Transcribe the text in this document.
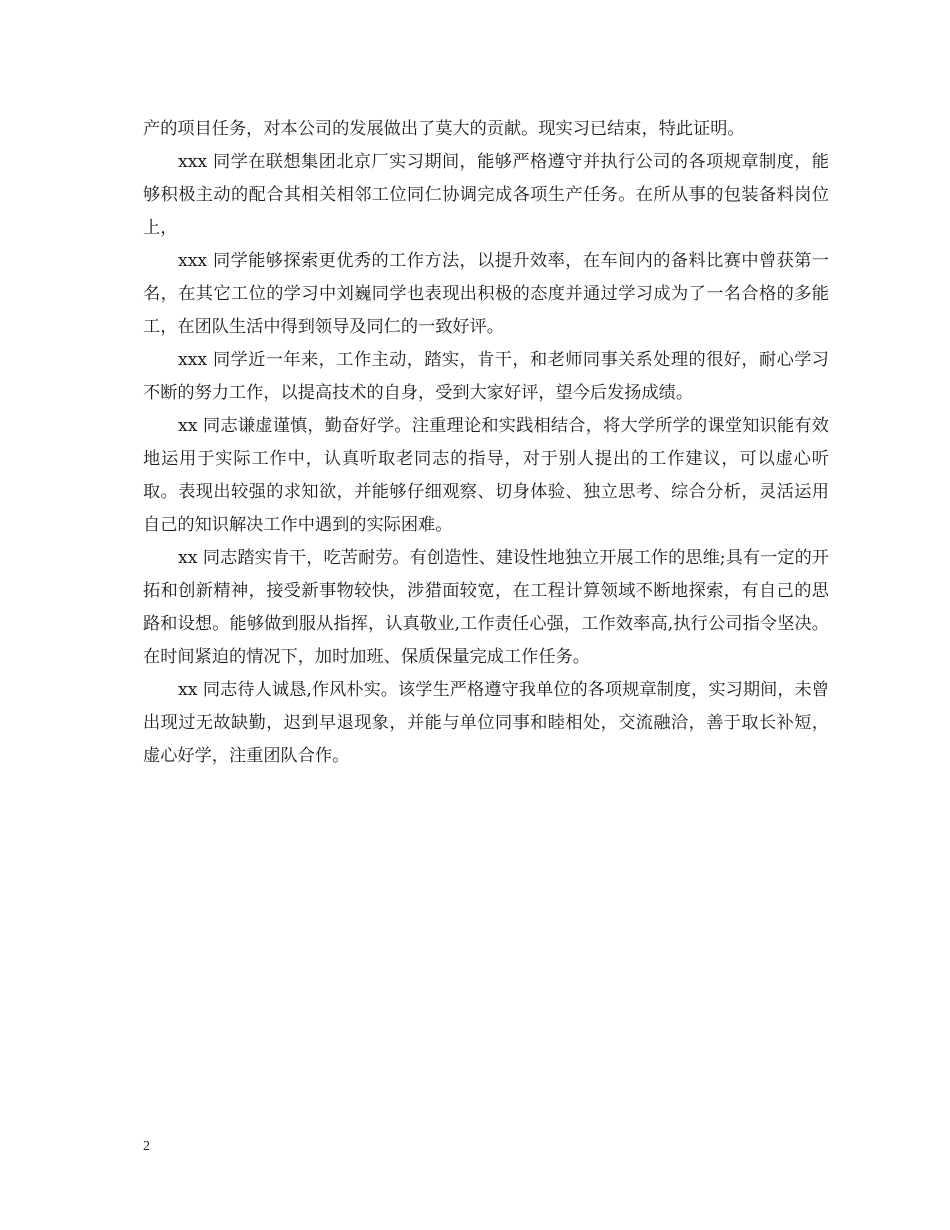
产的项目任务，对本公司的发展做出了莫大的贡献。现实习已结束，特此证明。

xxx 同学在联想集团北京厂实习期间，能够严格遵守并执行公司的各项规章制度，能够积极主动的配合其相关相邻工位同仁协调完成各项生产任务。在所从事的包装备料岗位上，

xxx 同学能够探索更优秀的工作方法，以提升效率，在车间内的备料比赛中曾获第一名，在其它工位的学习中刘巍同学也表现出积极的态度并通过学习成为了一名合格的多能工，在团队生活中得到领导及同仁的一致好评。

xxx 同学近一年来，工作主动，踏实，肯干，和老师同事关系处理的很好，耐心学习不断的努力工作，以提高技术的自身，受到大家好评，望今后发扬成绩。

xx 同志谦虚谨慎，勤奋好学。注重理论和实践相结合，将大学所学的课堂知识能有效地运用于实际工作中，认真听取老同志的指导，对于别人提出的工作建议，可以虚心听取。表现出较强的求知欲，并能够仔细观察、切身体验、独立思考、综合分析，灵活运用自己的知识解决工作中遇到的实际困难。

xx 同志踏实肯干，吃苦耐劳。有创造性、建设性地独立开展工作的思维;具有一定的开拓和创新精神，接受新事物较快，涉猎面较宽，在工程计算领域不断地探索，有自己的思路和设想。能够做到服从指挥，认真敬业,工作责任心强，工作效率高,执行公司指令坚决。在时间紧迫的情况下，加时加班、保质保量完成工作任务。

xx 同志待人诚恳,作风朴实。该学生严格遵守我单位的各项规章制度，实习期间，未曾出现过无故缺勤，迟到早退现象，并能与单位同事和睦相处，交流融洽，善于取长补短，虚心好学，注重团队合作。

2
